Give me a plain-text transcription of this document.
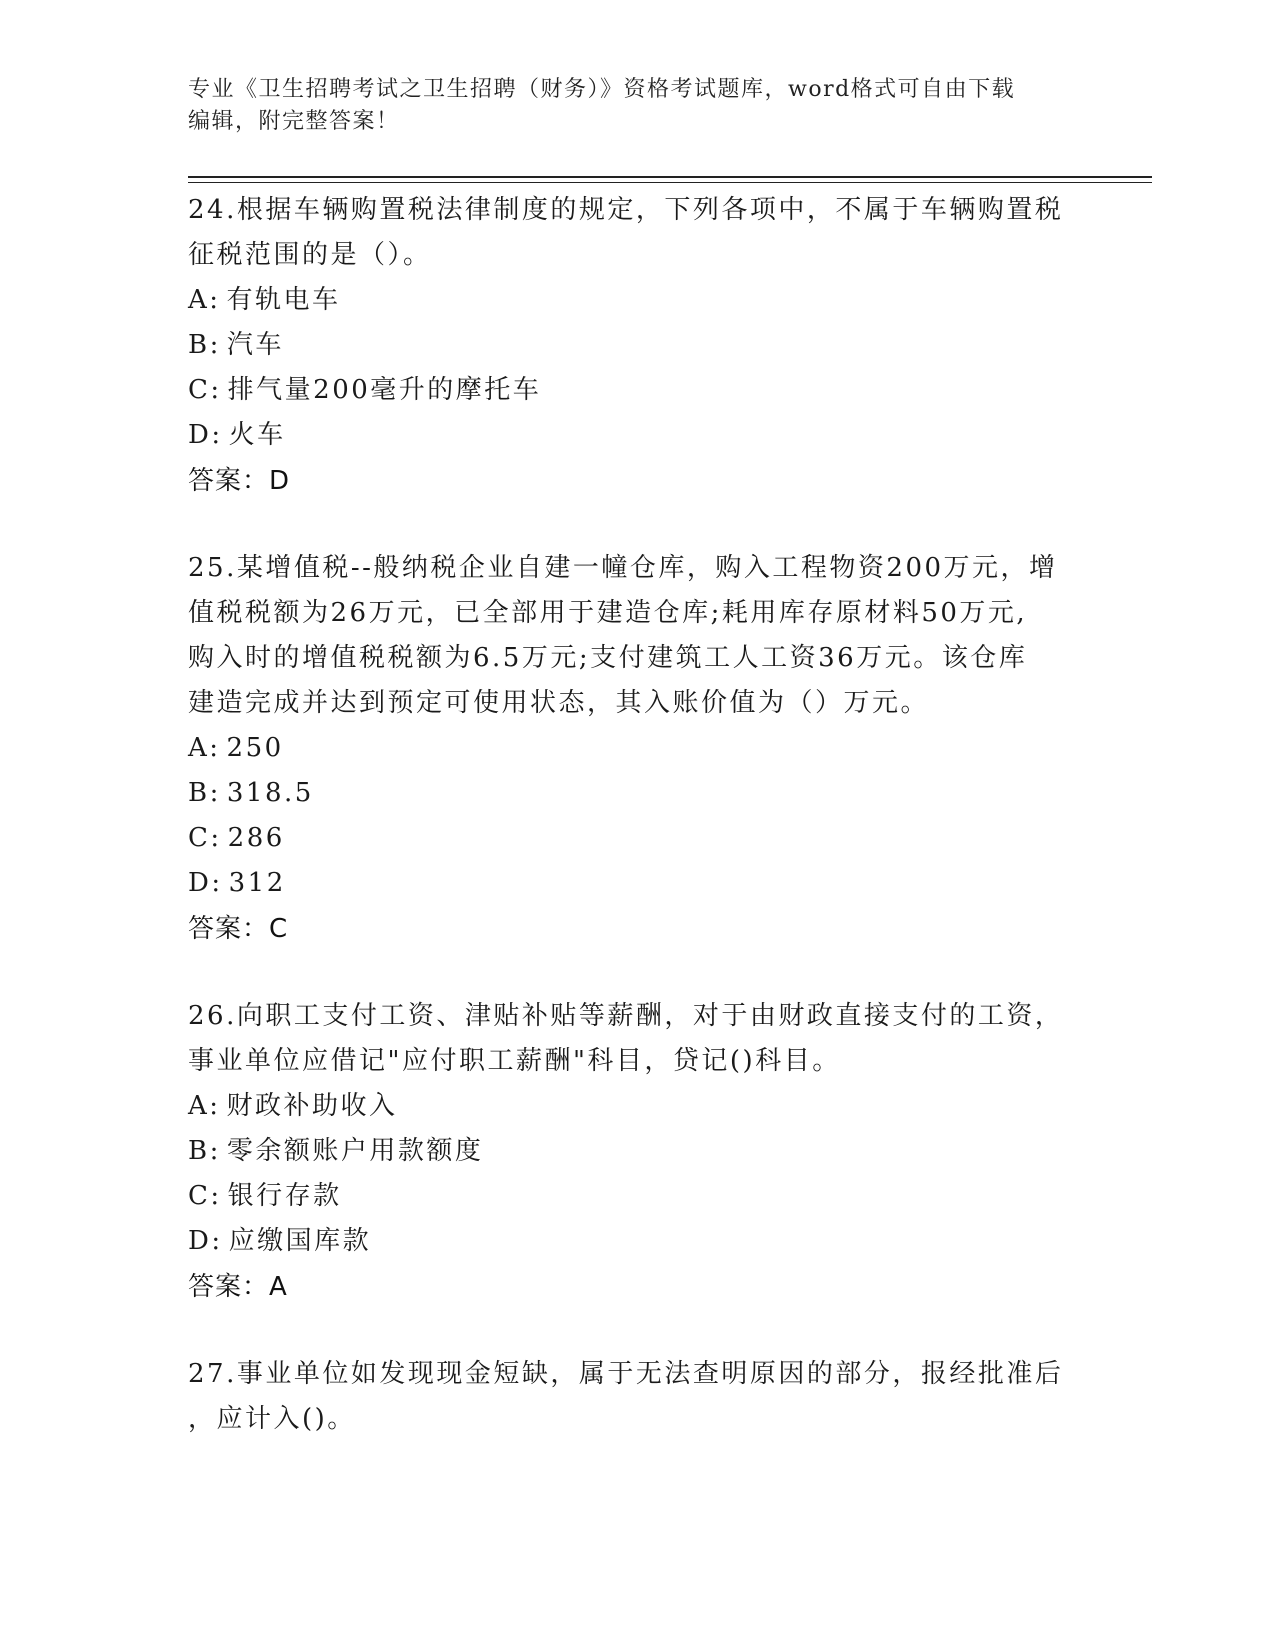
专业《卫生招聘考试之卫生招聘（财务）》资格考试题库，word格式可自由下载
编辑，附完整答案！

24.根据车辆购置税法律制度的规定，下列各项中，不属于车辆购置税

征税范围的是（）。

A: 有轨电车

B: 汽车

C: 排气量200毫升的摩托车

D: 火车

答案：D

25.某增值税--般纳税企业自建一幢仓库，购入工程物资200万元，增

值税税额为26万元，已全部用于建造仓库;耗用库存原材料50万元,

购入时的增值税税额为6.5万元;支付建筑工人工资36万元。该仓库

建造完成并达到预定可使用状态，其入账价值为（）万元。

A: 250

B: 318.5

C: 286

D: 312

答案：C

26.向职工支付工资、津贴补贴等薪酬，对于由财政直接支付的工资，

事业单位应借记"应付职工薪酬"科目，贷记()科目。

A: 财政补助收入

B: 零余额账户用款额度

C: 银行存款

D: 应缴国库款

答案：A

27.事业单位如发现现金短缺，属于无法查明原因的部分，报经批准后

，应计入()。
